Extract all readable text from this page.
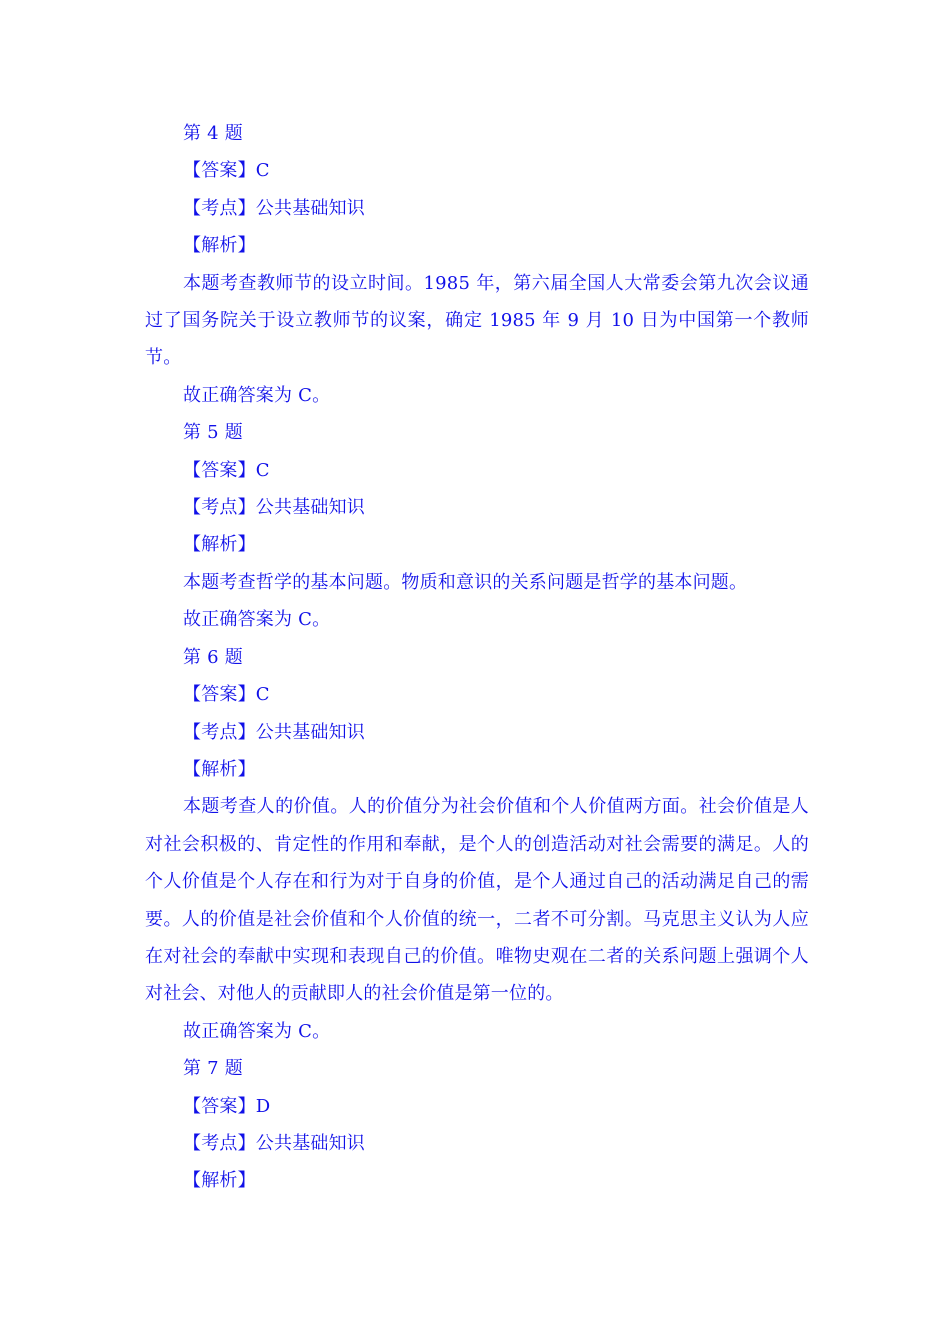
第 4 题

【答案】C

【考点】公共基础知识

【解析】

本题考查教师节的设立时间。1985 年，第六届全国人大常委会第九次会议通过了国务院关于设立教师节的议案，确定 1985 年 9 月 10 日为中国第一个教师节。

故正确答案为 C。

第 5 题

【答案】C

【考点】公共基础知识

【解析】

本题考查哲学的基本问题。物质和意识的关系问题是哲学的基本问题。

故正确答案为 C。

第 6 题

【答案】C

【考点】公共基础知识

【解析】

本题考查人的价值。人的价值分为社会价值和个人价值两方面。社会价值是人对社会积极的、肯定性的作用和奉献，是个人的创造活动对社会需要的满足。人的个人价值是个人存在和行为对于自身的价值，是个人通过自己的活动满足自己的需要。人的价值是社会价值和个人价值的统一，二者不可分割。马克思主义认为人应在对社会的奉献中实现和表现自己的价值。唯物史观在二者的关系问题上强调个人对社会、对他人的贡献即人的社会价值是第一位的。

故正确答案为 C。

第 7 题

【答案】D

【考点】公共基础知识

【解析】
